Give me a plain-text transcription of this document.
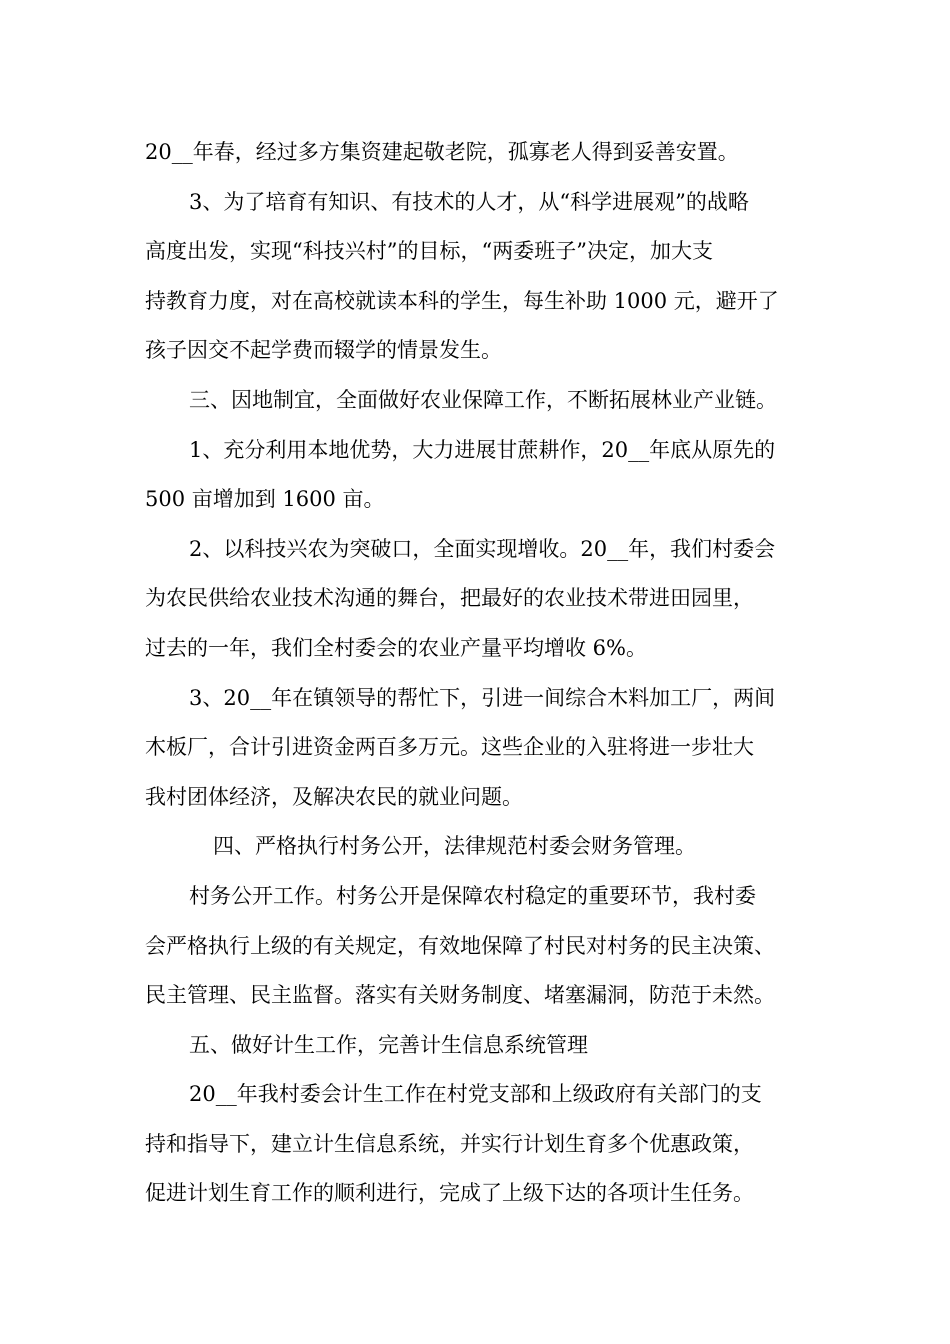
20__年春，经过多方集资建起敬老院，孤寡老人得到妥善安置。
3、为了培育有知识、有技术的人才，从“科学进展观”的战略
高度出发，实现“科技兴村”的目标，“两委班子”决定，加大支
持教育力度，对在高校就读本科的学生，每生补助 1000 元，避开了
孩子因交不起学费而辍学的情景发生。
三、因地制宜，全面做好农业保障工作，不断拓展林业产业链。
1、充分利用本地优势，大力进展甘蔗耕作，20__年底从原先的
500 亩增加到 1600 亩。
2、以科技兴农为突破口，全面实现增收。20__年，我们村委会
为农民供给农业技术沟通的舞台，把最好的农业技术带进田园里，
过去的一年，我们全村委会的农业产量平均增收 6%。
3、20__年在镇领导的帮忙下，引进一间综合木料加工厂，两间
木板厂，合计引进资金两百多万元。这些企业的入驻将进一步壮大
我村团体经济，及解决农民的就业问题。
四、严格执行村务公开，法律规范村委会财务管理。
村务公开工作。村务公开是保障农村稳定的重要环节，我村委
会严格执行上级的有关规定，有效地保障了村民对村务的民主决策、
民主管理、民主监督。落实有关财务制度、堵塞漏洞，防范于未然。
五、做好计生工作，完善计生信息系统管理
20__年我村委会计生工作在村党支部和上级政府有关部门的支
持和指导下，建立计生信息系统，并实行计划生育多个优惠政策，
促进计划生育工作的顺利进行，完成了上级下达的各项计生任务。
